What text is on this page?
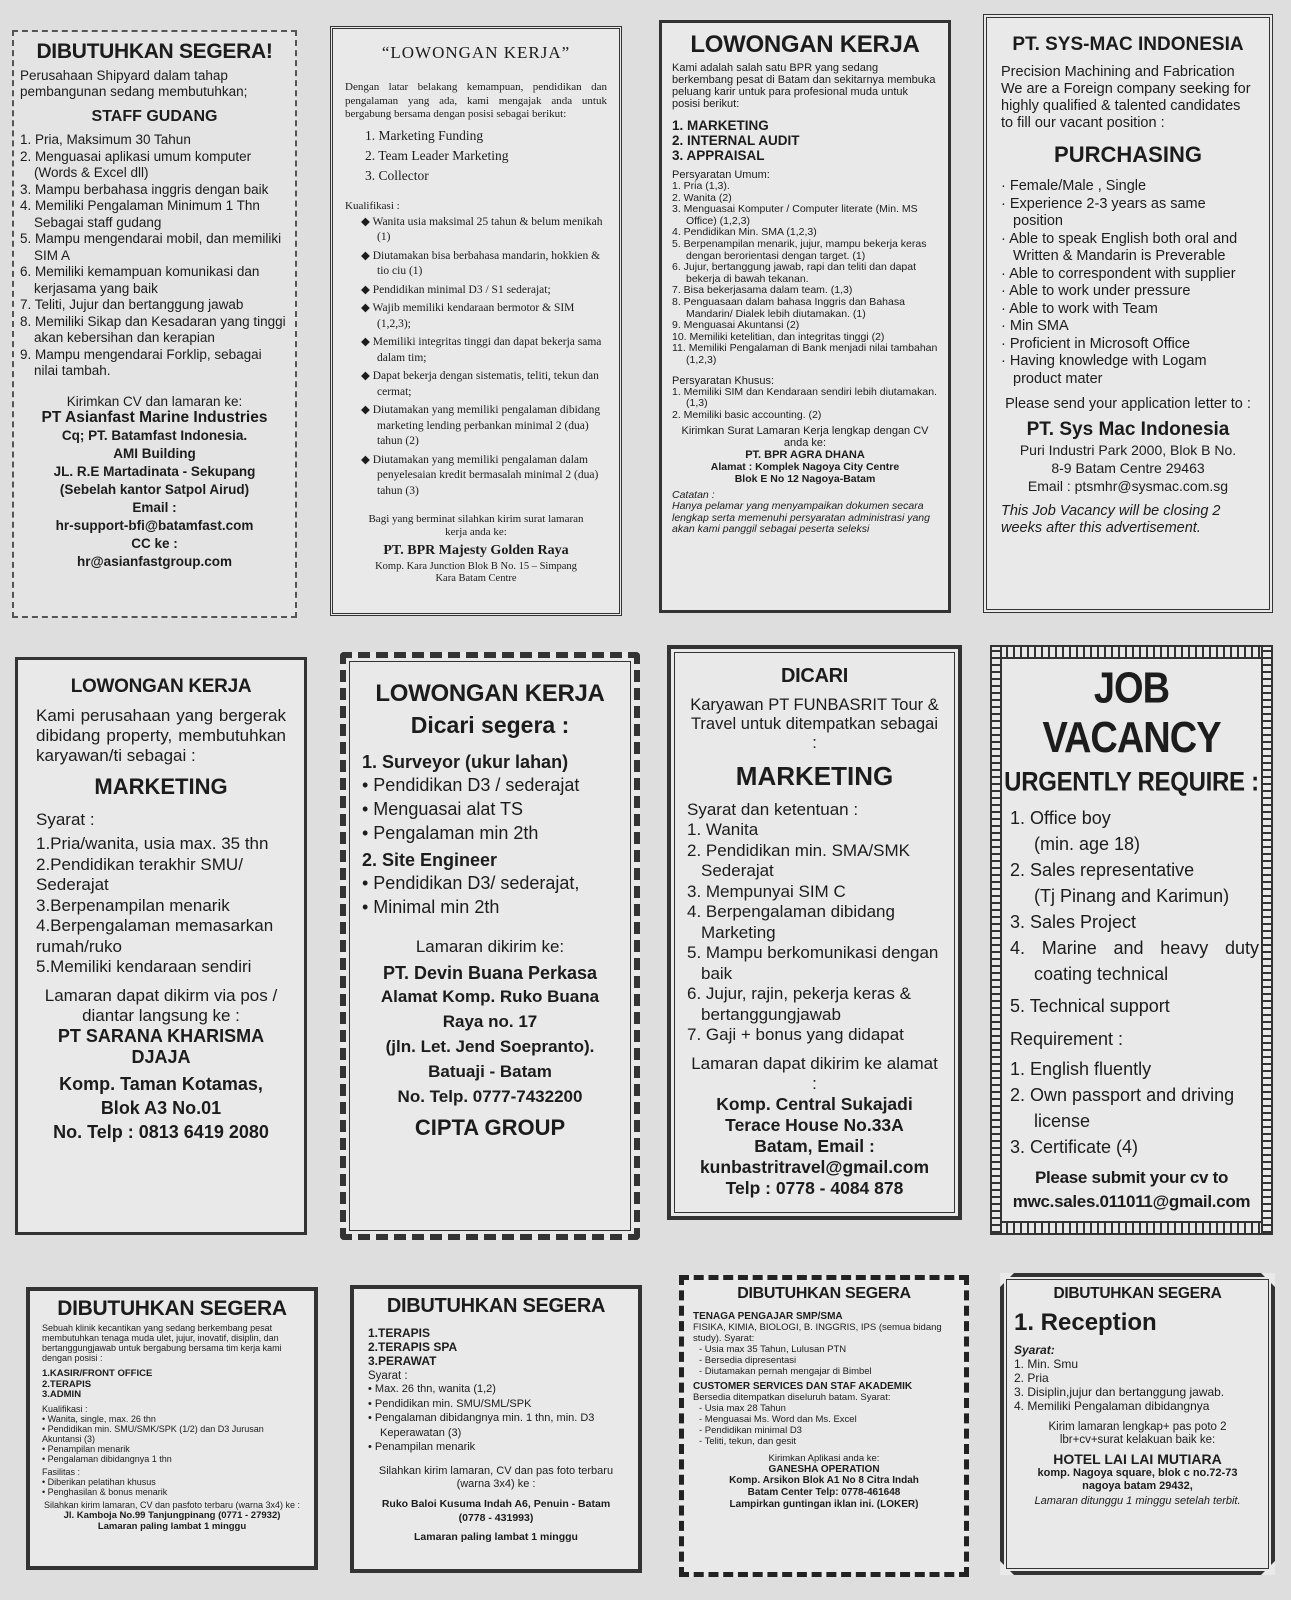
DIBUTUHKAN SEGERA!
Perusahaan Shipyard dalam tahap pembangunan sedang membutuhkan;
STAFF GUDANG
1. Pria, Maksimum 30 Tahun
2. Menguasai aplikasi umum komputer (Words & Excel dll)
3. Mampu berbahasa inggris dengan baik
4. Memiliki Pengalaman Minimum 1 Thn Sebagai staff gudang
5. Mampu mengendarai mobil, dan memiliki SIM A
6. Memiliki kemampuan komunikasi dan kerjasama yang baik
7. Teliti, Jujur dan bertanggung jawab
8. Memiliki Sikap dan Kesadaran yang tinggi akan kebersihan dan kerapian
9. Mampu mengendarai Forklip, sebagai nilai tambah.
Kirimkan CV dan lamaran ke:
PT Asianfast Marine Industries
Cq; PT. Batamfast Indonesia.
AMI Building
JL. R.E Martadinata - Sekupang
(Sebelah kantor Satpol Airud)
Email :
hr-support-bfi@batamfast.com
CC ke :
hr@asianfastgroup.com
“LOWONGAN KERJA”
Dengan latar belakang kemampuan, pendidikan dan pengalaman yang ada, kami mengajak anda untuk bergabung bersama dengan posisi sebagai berikut:
1. Marketing Funding
2. Team Leader Marketing
3. Collector
Kualifikasi :
◆ Wanita usia maksimal 25 tahun & belum menikah (1)
◆ Diutamakan bisa berbahasa mandarin, hokkien & tio ciu (1)
◆ Pendidikan minimal D3 / S1 sederajat;
◆ Wajib memiliki kendaraan bermotor & SIM (1,2,3);
◆ Memiliki integritas tinggi dan dapat bekerja sama dalam tim;
◆ Dapat bekerja dengan sistematis, teliti, tekun dan cermat;
◆ Diutamakan yang memiliki pengalaman dibidang marketing lending perbankan minimal 2 (dua) tahun (2)
◆ Diutamakan yang memiliki pengalaman dalam penyelesaian kredit bermasalah minimal 2 (dua) tahun (3)
Bagi yang berminat silahkan kirim surat lamaran kerja anda ke:
PT. BPR Majesty Golden Raya
Komp. Kara Junction Blok B No. 15 – Simpang Kara Batam Centre
LOWONGAN KERJA
Kami adalah salah satu BPR yang sedang berkembang pesat di Batam dan sekitarnya membuka peluang karir untuk para profesional muda untuk posisi berikut:
1. MARKETING
2. INTERNAL AUDIT
3. APPRAISAL
Persyaratan Umum:
1. Pria (1,3).
2. Wanita (2)
3. Menguasai Komputer / Computer literate (Min. MS Office) (1,2,3)
4. Pendidikan Min. SMA (1,2,3)
5. Berpenampilan menarik, jujur, mampu bekerja keras dengan berorientasi dengan target. (1)
6. Jujur, bertanggung jawab, rapi dan teliti dan dapat bekerja di bawah tekanan.
7. Bisa bekerjasama dalam team. (1,3)
8. Penguasaan dalam bahasa Inggris dan Bahasa Mandarin/ Dialek lebih diutamakan. (1)
9. Menguasai Akuntansi (2)
10. Memiliki ketelitian, dan integritas tinggi (2)
11. Memiliki Pengalaman di Bank menjadi nilai tambahan (1,2,3)
Persyaratan Khusus:
1. Memiliki SIM dan Kendaraan sendiri lebih diutamakan. (1,3)
2. Memiliki basic accounting. (2)
Kirimkan Surat Lamaran Kerja lengkap dengan CV anda ke:
PT. BPR AGRA DHANA
Alamat : Komplek Nagoya City Centre
Blok E No 12 Nagoya-Batam
Catatan :
Hanya pelamar yang menyampaikan dokumen secara lengkap serta memenuhi persyaratan administrasi yang akan kami panggil sebagai peserta seleksi
PT. SYS-MAC INDONESIA
Precision Machining and Fabrication We are a Foreign company seeking for highly qualified & talented candidates to fill our vacant position :
PURCHASING
· Female/Male , Single
· Experience 2-3 years as same position
· Able to speak English both oral and Written & Mandarin is Preverable
· Able to correspondent with supplier
· Able to work under pressure
· Able to work with Team
· Min SMA
· Proficient in Microsoft Office
· Having knowledge with Logam product mater
Please send your application letter to :
PT. Sys Mac Indonesia
Puri Industri Park 2000, Blok B No.
8-9 Batam Centre 29463
Email : ptsmhr@sysmac.com.sg
This Job Vacancy will be closing 2 weeks after this advertisement.
LOWONGAN KERJA
Kami perusahaan yang bergerak dibidang property, membutuhkan karyawan/ti sebagai :
MARKETING
Syarat :
1.Pria/wanita, usia max. 35 thn
2.Pendidikan terakhir SMU/ Sederajat
3.Berpenampilan menarik
4.Berpengalaman memasarkan rumah/ruko
5.Memiliki kendaraan sendiri
Lamaran dapat dikirm via pos / diantar langsung ke :
PT SARANA KHARISMA DJAJA
Komp. Taman Kotamas,
Blok A3 No.01
No. Telp : 0813 6419 2080
LOWONGAN KERJA
Dicari segera :
1. Surveyor (ukur lahan)
• Pendidikan D3 / sederajat
• Menguasai alat TS
• Pengalaman min 2th
2. Site Engineer
• Pendidikan D3/ sederajat,
• Minimal min 2th
Lamaran dikirim ke:
PT. Devin Buana Perkasa
Alamat Komp. Ruko Buana Raya no. 17
(jln. Let. Jend Soepranto).
Batuaji - Batam
No. Telp. 0777-7432200
CIPTA GROUP
DICARI
Karyawan PT FUNBASRIT Tour & Travel untuk ditempatkan sebagai :
MARKETING
Syarat dan ketentuan :
1. Wanita
2. Pendidikan min. SMA/SMK Sederajat
3. Mempunyai SIM C
4. Berpengalaman dibidang Marketing
5. Mampu berkomunikasi dengan baik
6. Jujur, rajin, pekerja keras & bertanggungjawab
7. Gaji + bonus yang didapat
Lamaran dapat dikirim ke alamat :
Komp. Central Sukajadi
Terace House No.33A
Batam, Email :
kunbastritravel@gmail.com
Telp : 0778 - 4084 878
JOB VACANCY
URGENTLY REQUIRE :
1. Office boy
(min. age 18)
2. Sales representative
(Tj Pinang and Karimun)
3. Sales Project
4. Marine and heavy duty coating technical
5. Technical support
Requirement :
1. English fluently
2. Own passport and driving license
3. Certificate (4)
Please submit your cv to
mwc.sales.011011@gmail.com
DIBUTUHKAN SEGERA
Sebuah klinik kecantikan yang sedang berkembang pesat membutuhkan tenaga muda ulet, jujur, inovatif, disiplin, dan bertanggungjawab untuk bergabung bersama tim kerja kami dengan posisi :
1.KASIR/FRONT OFFICE
2.TERAPIS
3.ADMIN
Kualifikasi :
• Wanita, single, max. 26 thn
• Pendidikan min. SMU/SMK/SPK (1/2) dan D3 Jurusan Akuntansi (3)
• Penampilan menarik
• Pengalaman dibidangnya 1 thn
Fasilitas :
• Diberikan pelatihan khusus
• Penghasilan & bonus menarik
Silahkan kirim lamaran, CV dan pasfoto terbaru (warna 3x4) ke :
Jl. Kamboja No.99 Tanjungpinang (0771 - 27932)
Lamaran paling lambat 1 minggu
DIBUTUHKAN SEGERA
1.TERAPIS
2.TERAPIS SPA
3.PERAWAT
Syarat :
• Max. 26 thn, wanita (1,2)
• Pendidikan min. SMU/SML/SPK
• Pengalaman dibidangnya min. 1 thn, min. D3 Keperawatan (3)
• Penampilan menarik
Silahkan kirim lamaran, CV dan pas foto terbaru (warna 3x4) ke :
Ruko Baloi Kusuma Indah A6, Penuin - Batam
(0778 - 431993)
Lamaran paling lambat 1 minggu
DIBUTUHKAN SEGERA
TENAGA PENGAJAR SMP/SMA
FISIKA, KIMIA, BIOLOGI, B. INGGRIS, IPS (semua bidang study). Syarat:
- Usia max 35 Tahun, Lulusan PTN
- Bersedia dipresentasi
- Diutamakan pernah mengajar di Bimbel
CUSTOMER SERVICES DAN STAF AKADEMIK
Bersedia ditempatkan diseluruh batam. Syarat:
- Usia max 28 Tahun
- Menguasai Ms. Word dan Ms. Excel
- Pendidikan minimal D3
- Teliti, tekun, dan gesit
Kirimkan Aplikasi anda ke:
GANESHA OPERATION
Komp. Arsikon Blok A1 No 8 Citra Indah
Batam Center Telp: 0778-461648
Lampirkan guntingan iklan ini. (LOKER)
DIBUTUHKAN SEGERA
1. Reception
Syarat:
1. Min. Smu
2. Pria
3. Disiplin,jujur dan bertanggung jawab.
4. Memiliki Pengalaman dibidangnya
Kirim lamaran lengkap+ pas poto 2 lbr+cv+surat kelakuan baik ke:
HOTEL LAI LAI MUTIARA
komp. Nagoya square, blok c no.72-73
nagoya batam 29432,
Lamaran ditunggu 1 minggu setelah terbit.
